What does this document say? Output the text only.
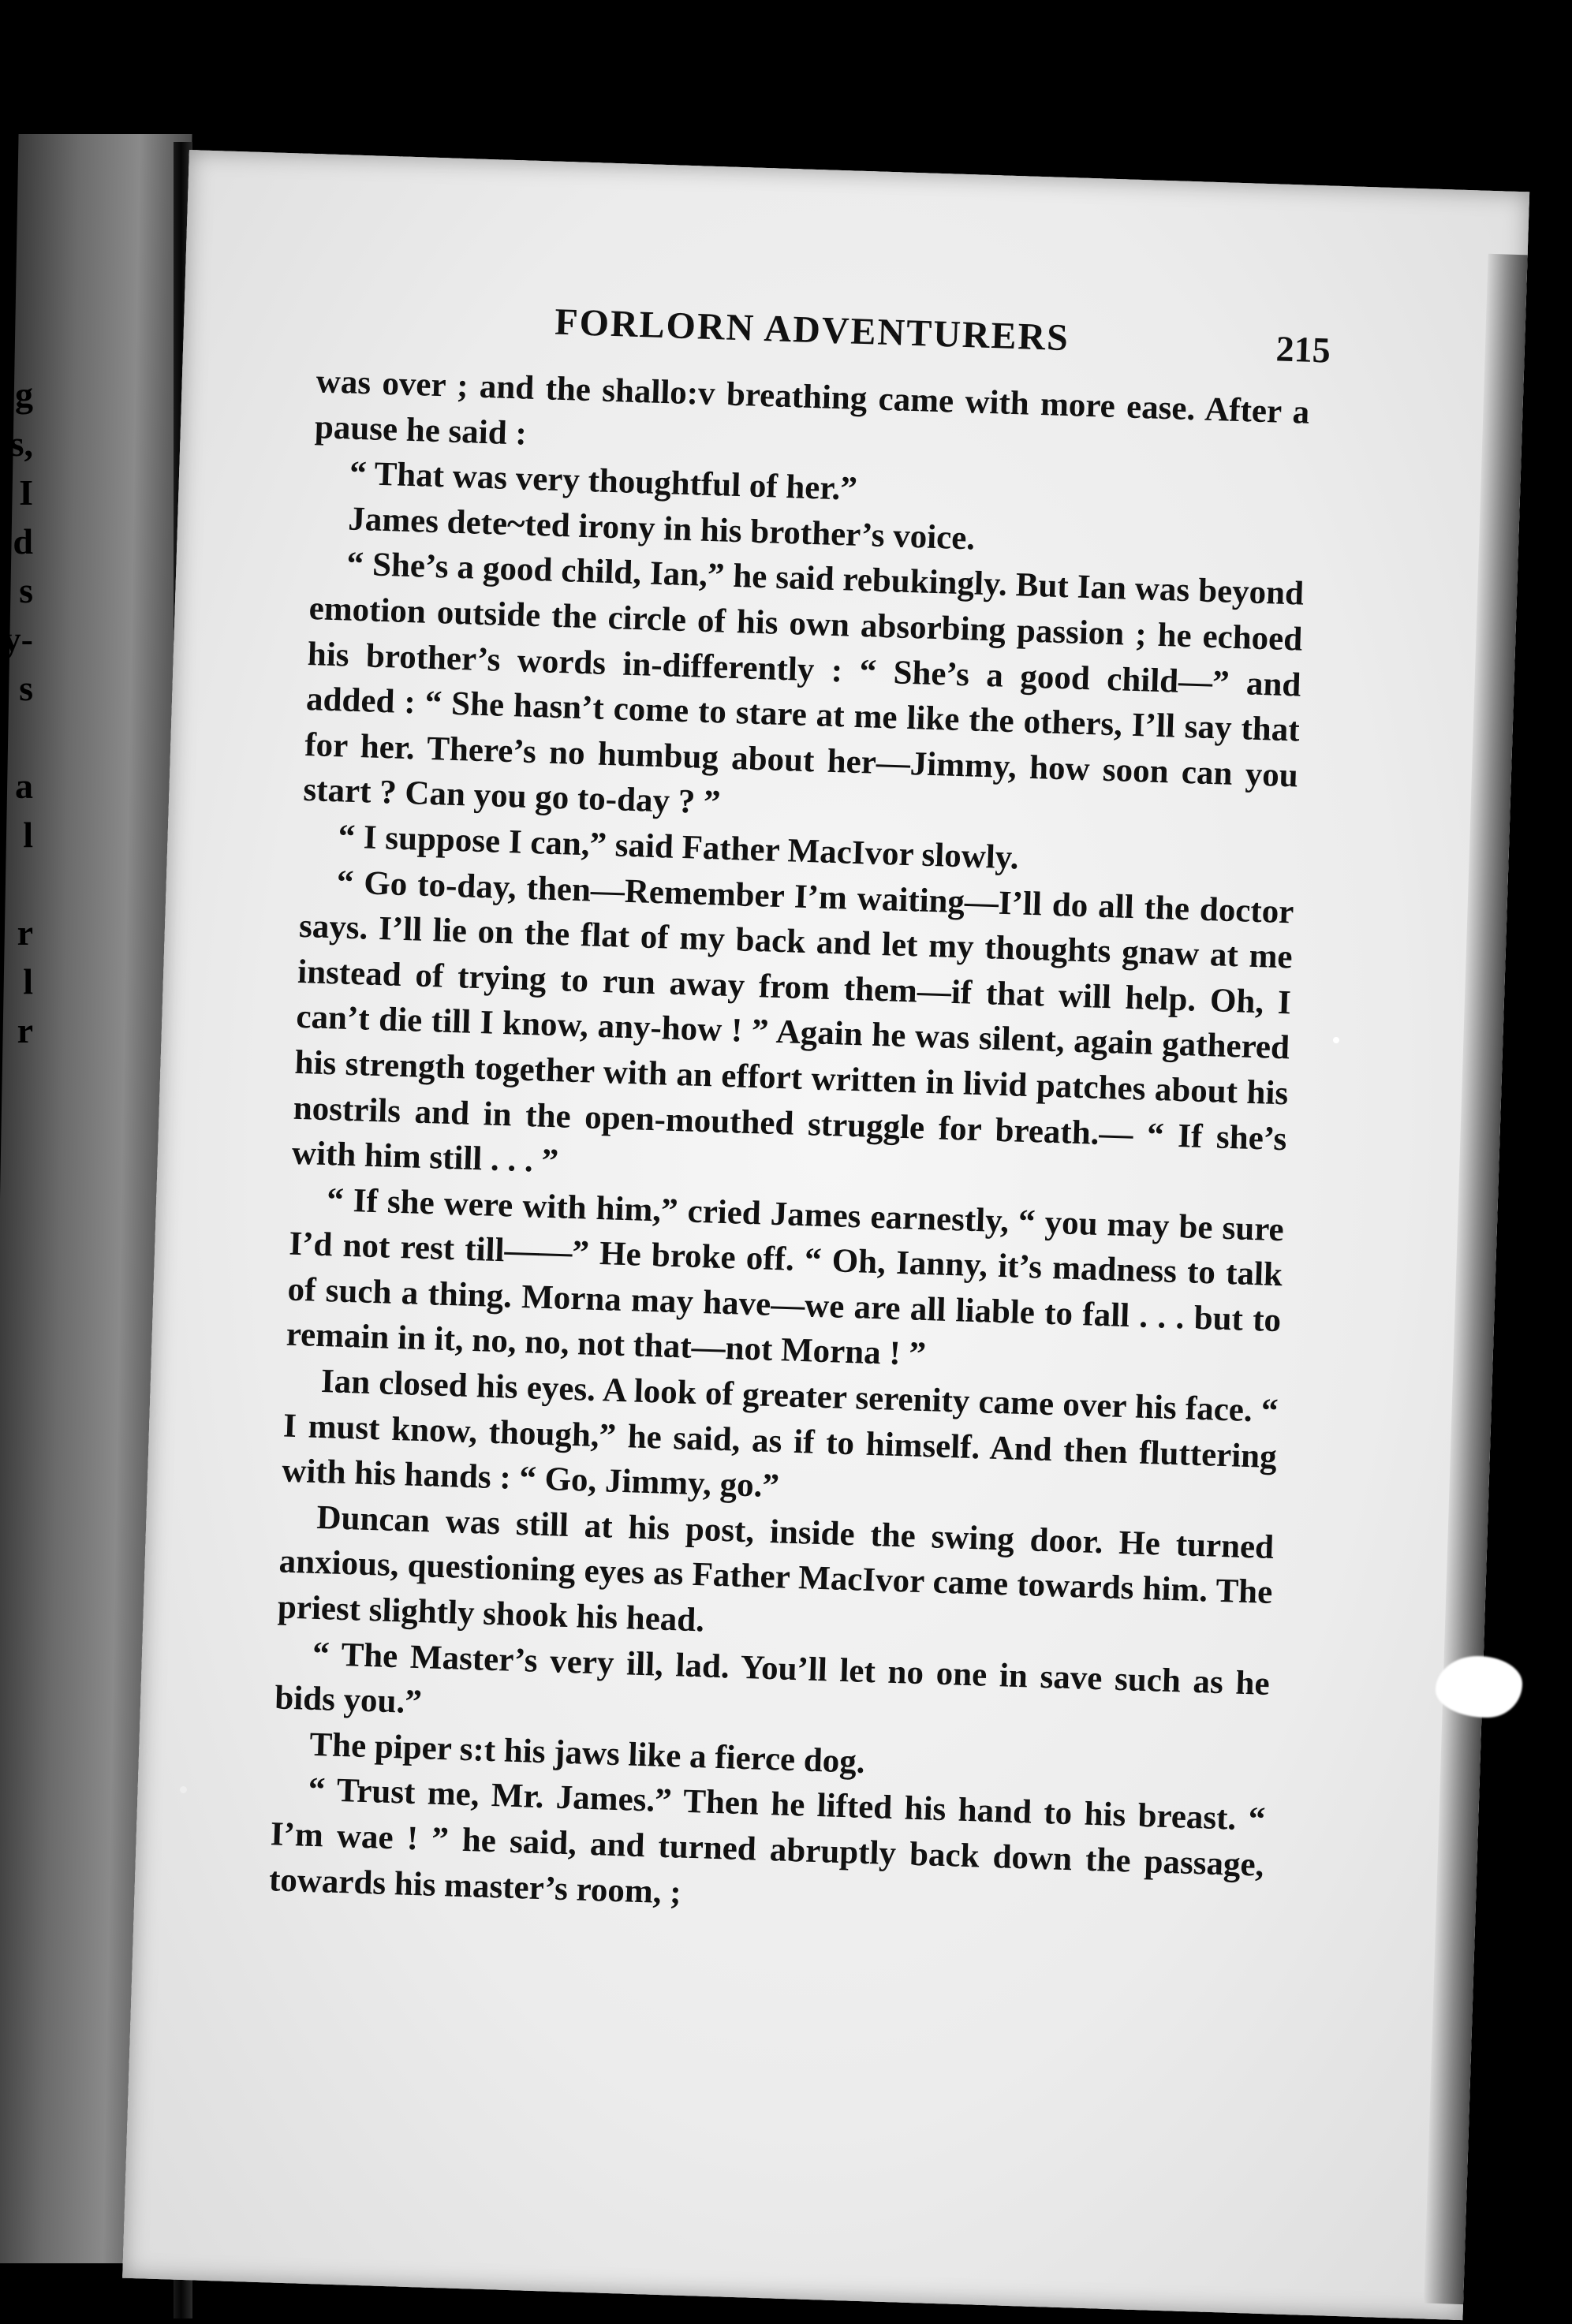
g
s,
I
d
s
y-
s

a
l

r
l
r
FORLORN ADVENTURERS	215

was over ; and the shallo:v breathing came with more ease. After a pause he said :

“ That was very thoughtful of her.”

James dete~ted irony in his brother’s voice.

“ She’s a good child, Ian,” he said rebukingly. But Ian was beyond emotion outside the circle of his own absorbing passion ; he echoed his brother’s words in-differently : “ She’s a good child—” and added : “ She hasn’t come to stare at me like the others, I’ll say that for her. There’s no humbug about her—Jimmy, how soon can you start ? Can you go to-day ? ”

“ I suppose I can,” said Father MacIvor slowly.

“ Go to-day, then—Remember I’m waiting—I’ll do all the doctor says. I’ll lie on the flat of my back and let my thoughts gnaw at me instead of trying to run away from them—if that will help. Oh, I can’t die till I know, any-how ! ” Again he was silent, again gathered his strength together with an effort written in livid patches about his nostrils and in the open-mouthed struggle for breath.— “ If she’s with him still . . . ”

“ If she were with him,” cried James earnestly, “ you may be sure I’d not rest till——” He broke off. “ Oh, Ianny, it’s madness to talk of such a thing. Morna may have—we are all liable to fall . . . but to remain in it, no, no, not that—not Morna ! ”

Ian closed his eyes. A look of greater serenity came over his face. “ I must know, though,” he said, as if to himself. And then fluttering with his hands : “ Go, Jimmy, go.”

Duncan was still at his post, inside the swing door. He turned anxious, questioning eyes as Father MacIvor came towards him. The priest slightly shook his head.

“ The Master’s very ill, lad. You’ll let no one in save such as he bids you.”

The piper s:t his jaws like a fierce dog.

“ Trust me, Mr. James.” Then he lifted his hand to his breast. “ I’m wae ! ” he said, and turned abruptly back down the passage, towards his master’s room, ;
